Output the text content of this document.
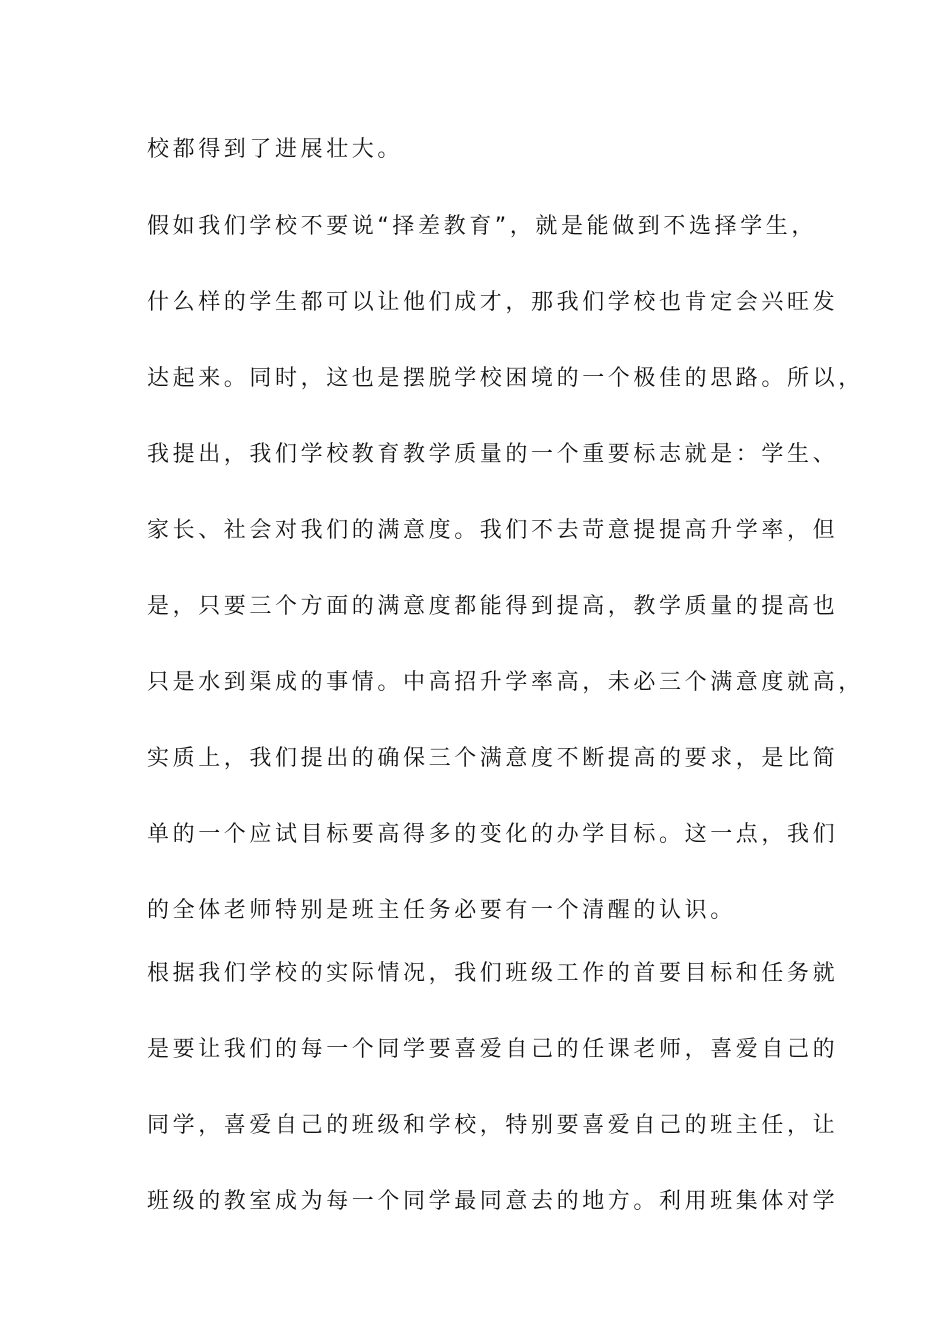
校都得到了进展壮大。
假如我们学校不要说“择差教育”，就是能做到不选择学生，
什么样的学生都可以让他们成才，那我们学校也肯定会兴旺发
达起来。同时，这也是摆脱学校困境的一个极佳的思路。所以，
我提出，我们学校教育教学质量的一个重要标志就是：学生、
家长、社会对我们的满意度。我们不去苛意提提高升学率，但
是，只要三个方面的满意度都能得到提高，教学质量的提高也
只是水到渠成的事情。中高招升学率高，未必三个满意度就高，
实质上，我们提出的确保三个满意度不断提高的要求，是比简
单的一个应试目标要高得多的变化的办学目标。这一点，我们
的全体老师特别是班主任务必要有一个清醒的认识。
根据我们学校的实际情况，我们班级工作的首要目标和任务就
是要让我们的每一个同学要喜爱自己的任课老师，喜爱自己的
同学，喜爱自己的班级和学校，特别要喜爱自己的班主任，让
班级的教室成为每一个同学最同意去的地方。利用班集体对学
